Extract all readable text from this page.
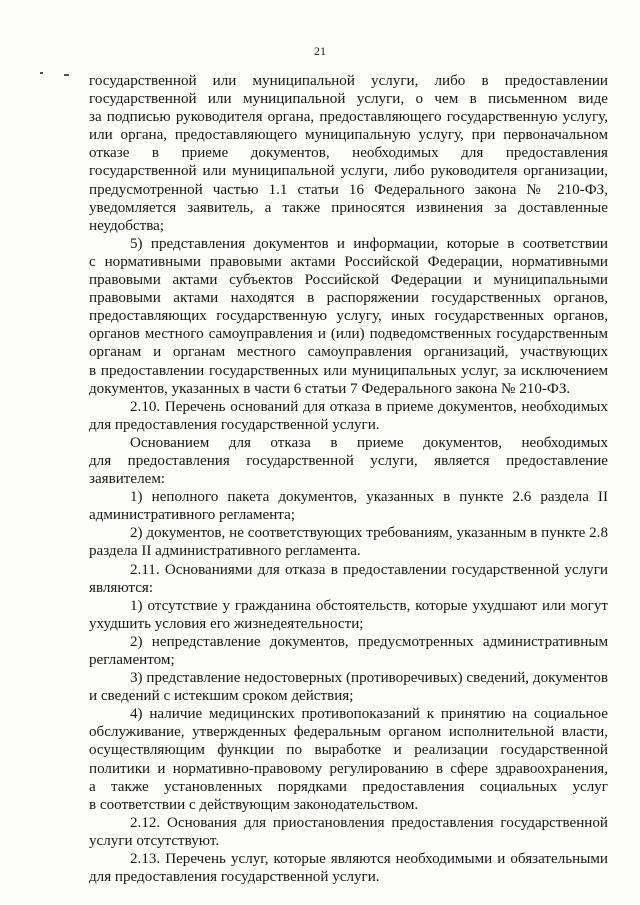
21
государственной или муниципальной услуги, либо в предоставлении
государственной или муниципальной услуги, о чем в письменном виде
за подписью руководителя органа, предоставляющего государственную услугу,
или органа, предоставляющего муниципальную услугу, при первоначальном
отказе в приеме документов, необходимых для предоставления
государственной или муниципальной услуги, либо руководителя организации,
предусмотренной частью 1.1 статьи 16 Федерального закона № 210-ФЗ,
уведомляется заявитель, а также приносятся извинения за доставленные
неудобства;
5) представления документов и информации, которые в соответствии
с нормативными правовыми актами Российской Федерации, нормативными
правовыми актами субъектов Российской Федерации и муниципальными
правовыми актами находятся в распоряжении государственных органов,
предоставляющих государственную услугу, иных государственных органов,
органов местного самоуправления и (или) подведомственных государственным
органам и органам местного самоуправления организаций, участвующих
в предоставлении государственных или муниципальных услуг, за исключением
документов, указанных в части 6 статьи 7 Федерального закона № 210-ФЗ.
2.10. Перечень оснований для отказа в приеме документов, необходимых
для предоставления государственной услуги.
Основанием для отказа в приеме документов, необходимых
для предоставления государственной услуги, является предоставление
заявителем:
1) неполного пакета документов, указанных в пункте 2.6 раздела II
административного регламента;
2) документов, не соответствующих требованиям, указанным в пункте 2.8
раздела II административного регламента.
2.11. Основаниями для отказа в предоставлении государственной услуги
являются:
1) отсутствие у гражданина обстоятельств, которые ухудшают или могут
ухудшить условия его жизнедеятельности;
2) непредставление документов, предусмотренных административным
регламентом;
3) представление недостоверных (противоречивых) сведений, документов
и сведений с истекшим сроком действия;
4) наличие медицинских противопоказаний к принятию на социальное
обслуживание, утвержденных федеральным органом исполнительной власти,
осуществляющим функции по выработке и реализации государственной
политики и нормативно-правовому регулированию в сфере здравоохранения,
а также установленных порядками предоставления социальных услуг
в соответствии с действующим законодательством.
2.12. Основания для приостановления предоставления государственной
услуги отсутствуют.
2.13. Перечень услуг, которые являются необходимыми и обязательными
для предоставления государственной услуги.
